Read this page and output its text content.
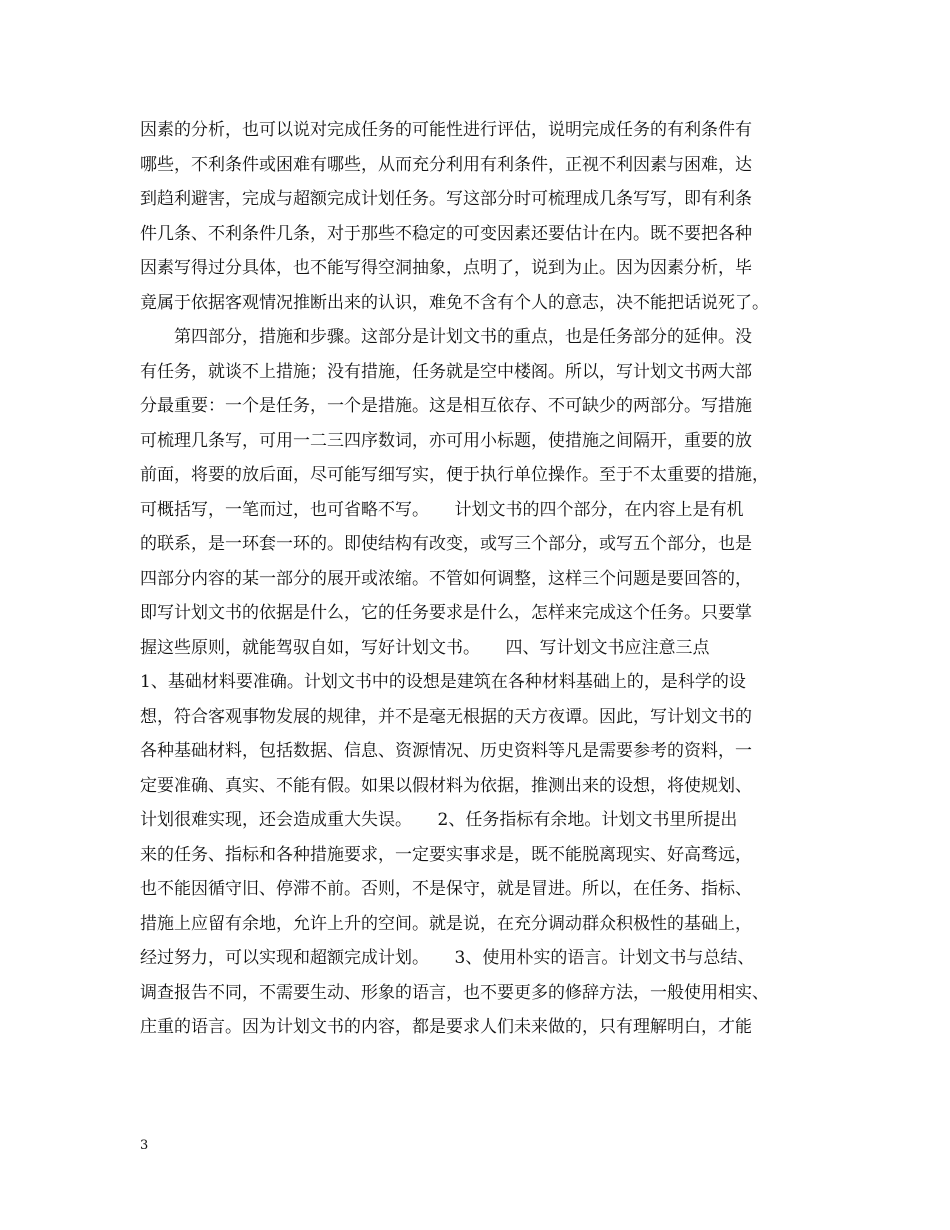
因素的分析，也可以说对完成任务的可能性进行评估，说明完成任务的有利条件有
哪些，不利条件或困难有哪些，从而充分利用有利条件，正视不利因素与困难，达
到趋利避害，完成与超额完成计划任务。写这部分时可梳理成几条写写，即有利条
件几条、不利条件几条，对于那些不稳定的可变因素还要估计在内。既不要把各种
因素写得过分具体，也不能写得空洞抽象，点明了，说到为止。因为因素分析，毕
竟属于依据客观情况推断出来的认识，难免不含有个人的意志，决不能把话说死了。
　　第四部分，措施和步骤。这部分是计划文书的重点，也是任务部分的延伸。没
有任务，就谈不上措施；没有措施，任务就是空中楼阁。所以，写计划文书两大部
分最重要：一个是任务，一个是措施。这是相互依存、不可缺少的两部分。写措施
可梳理几条写，可用一二三四序数词，亦可用小标题，使措施之间隔开，重要的放
前面，将要的放后面，尽可能写细写实，便于执行单位操作。至于不太重要的措施，
可概括写，一笔而过，也可省略不写。　　计划文书的四个部分，在内容上是有机
的联系，是一环套一环的。即使结构有改变，或写三个部分，或写五个部分，也是
四部分内容的某一部分的展开或浓缩。不管如何调整，这样三个问题是要回答的，
即写计划文书的依据是什么，它的任务要求是什么，怎样来完成这个任务。只要掌
握这些原则，就能驾驭自如，写好计划文书。　　四、写计划文书应注意三点
1、基础材料要准确。计划文书中的设想是建筑在各种材料基础上的，是科学的设
想，符合客观事物发展的规律，并不是毫无根据的天方夜谭。因此，写计划文书的
各种基础材料，包括数据、信息、资源情况、历史资料等凡是需要参考的资料，一
定要准确、真实、不能有假。如果以假材料为依据，推测出来的设想，将使规划、
计划很难实现，还会造成重大失误。　　2、任务指标有余地。计划文书里所提出
来的任务、指标和各种措施要求，一定要实事求是，既不能脱离现实、好高骛远，
也不能因循守旧、停滞不前。否则，不是保守，就是冒进。所以，在任务、指标、
措施上应留有余地，允许上升的空间。就是说，在充分调动群众积极性的基础上，
经过努力，可以实现和超额完成计划。　　3、使用朴实的语言。计划文书与总结、
调查报告不同，不需要生动、形象的语言，也不要更多的修辞方法，一般使用相实、
庄重的语言。因为计划文书的内容，都是要求人们未来做的，只有理解明白，才能
3
